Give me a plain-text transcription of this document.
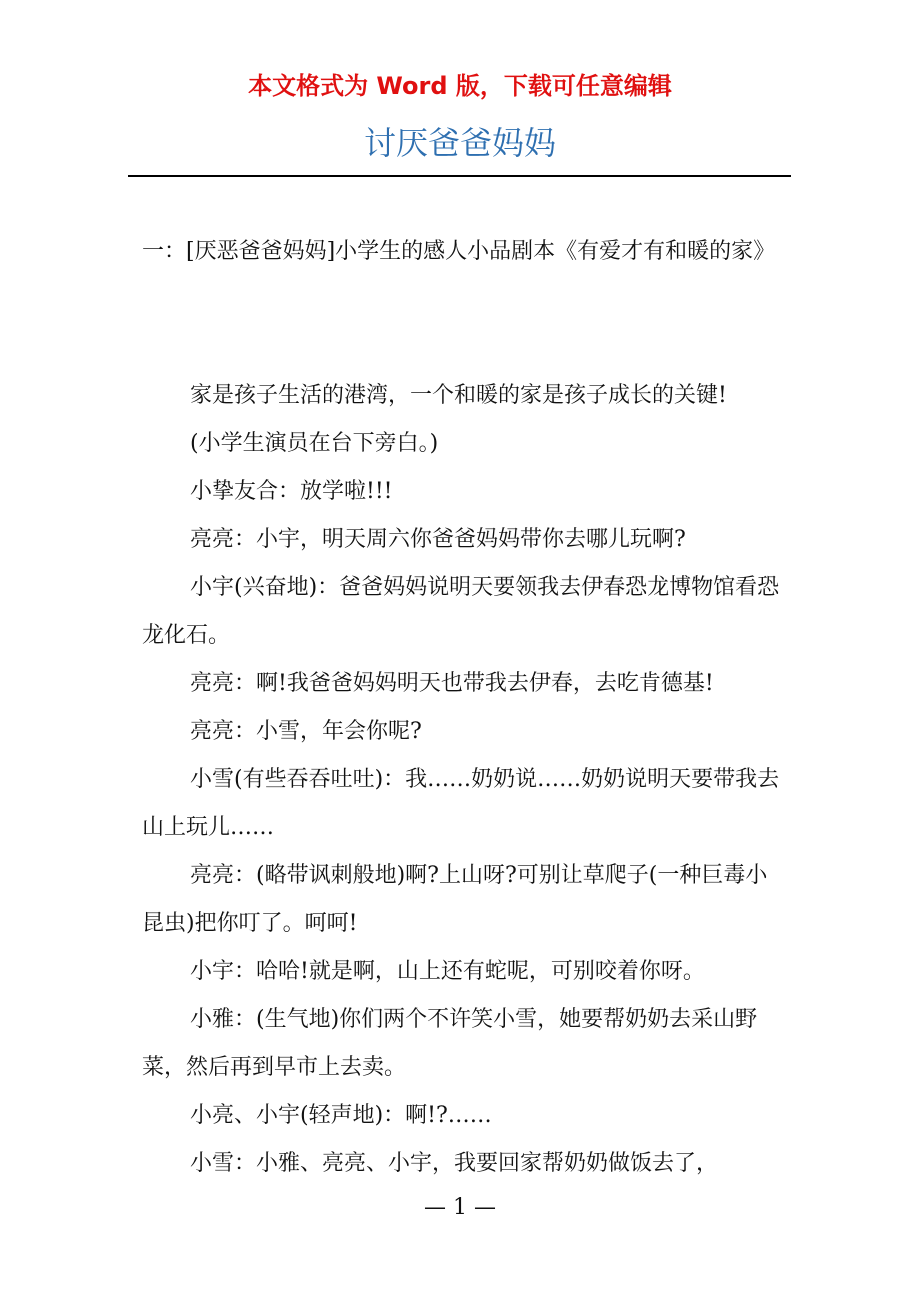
本文格式为 Word 版，下载可任意编辑
讨厌爸爸妈妈
一：[厌恶爸爸妈妈]小学生的感人小品剧本《有爱才有和暖的家》

家是孩子生活的港湾，一个和暖的家是孩子成长的关键!

(小学生演员在台下旁白。)

小挚友合：放学啦!!!

亮亮：小宇，明天周六你爸爸妈妈带你去哪儿玩啊?

小宇(兴奋地)：爸爸妈妈说明天要领我去伊春恐龙博物馆看恐龙化石。

亮亮：啊!我爸爸妈妈明天也带我去伊春，去吃肯德基!

亮亮：小雪，年会你呢?

小雪(有些吞吞吐吐)：我……奶奶说……奶奶说明天要带我去山上玩儿……

亮亮：(略带讽刺般地)啊?上山呀?可别让草爬子(一种巨毒小昆虫)把你叮了。呵呵!

小宇：哈哈!就是啊，山上还有蛇呢，可别咬着你呀。

小雅：(生气地)你们两个不许笑小雪，她要帮奶奶去采山野菜，然后再到早市上去卖。

小亮、小宇(轻声地)：啊!?……

小雪：小雅、亮亮、小宇，我要回家帮奶奶做饭去了，

— 1 —
